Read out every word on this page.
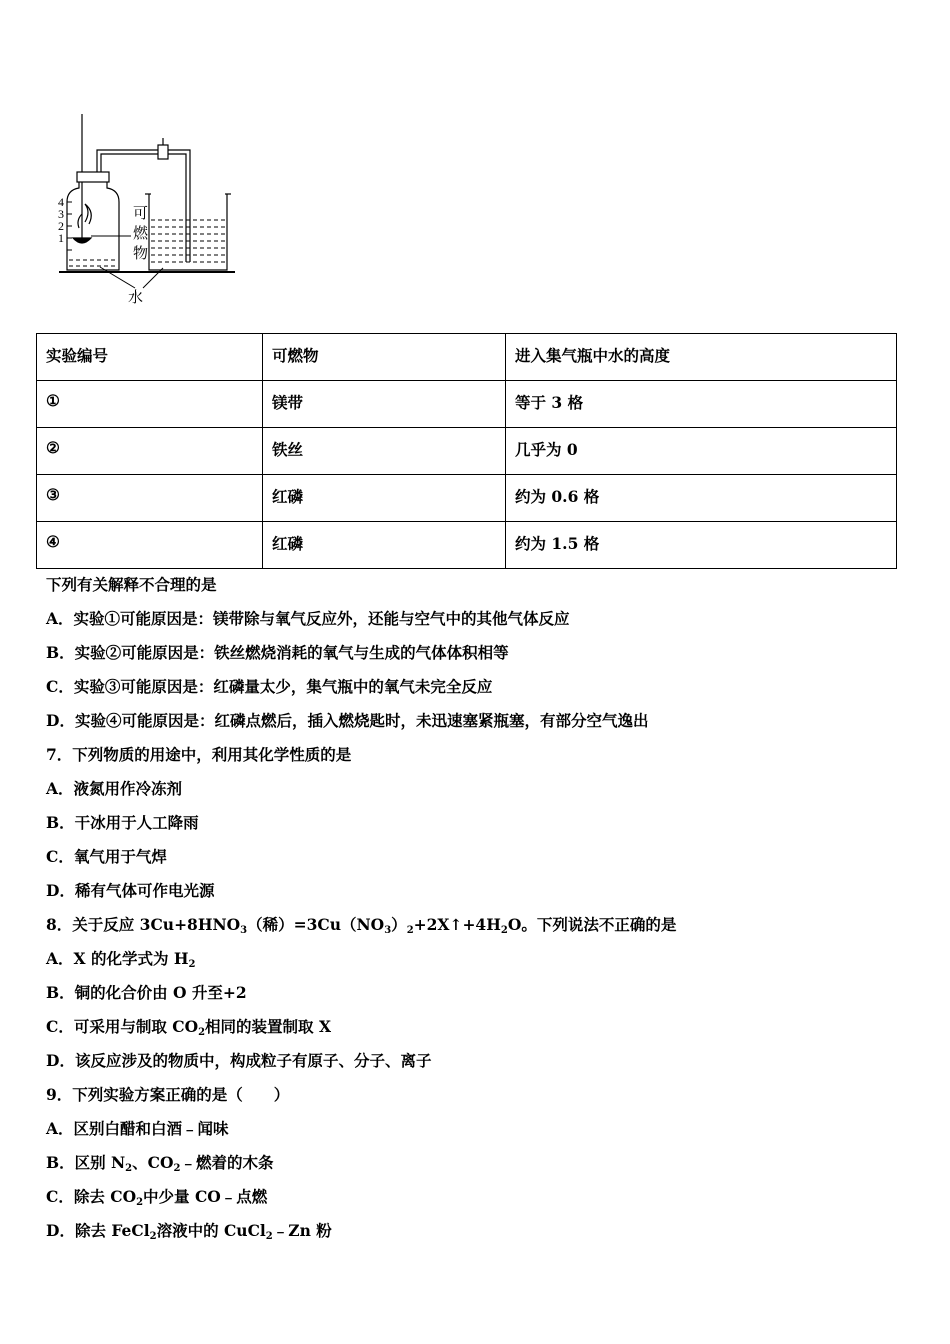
4
3
2
1
可
燃
物
水
实验编号	可燃物	进入集气瓶中水的高度
①	镁带	等于 3 格
②	铁丝	几乎为 0
③	红磷	约为 0.6 格
④	红磷	约为 1.5 格
下列有关解释不合理的是
A．实验①可能原因是：镁带除与氧气反应外，还能与空气中的其他气体反应
B．实验②可能原因是：铁丝燃烧消耗的氧气与生成的气体体积相等
C．实验③可能原因是：红磷量太少，集气瓶中的氧气未完全反应
D．实验④可能原因是：红磷点燃后，插入燃烧匙时，未迅速塞紧瓶塞，有部分空气逸出
7．下列物质的用途中，利用其化学性质的是
A．液氮用作冷冻剂
B．干冰用于人工降雨
C．氧气用于气焊
D．稀有气体可作电光源
8．关于反应 $3Cu+8HNO_3$（稀）$=3Cu(NO_3)_2+2X↑+4H_2O$。下列说法不正确的是
A．X 的化学式为 $H_2$
B．铜的化合价由 O 升至+2
C．可采用与制取 $CO_2$相同的装置制取 X
D．该反应涉及的物质中，构成粒子有原子、分子、离子
9．下列实验方案正确的是（　　）
A．区别白醋和白酒﹣闻味
B．区别 $N_2$、$CO_2﹣$燃着的木条
C．除去 $CO_2$中少量 CO﹣点燃
D．除去 FeCl$_2$溶液中的 CuCl$_2$﹣Zn 粉
